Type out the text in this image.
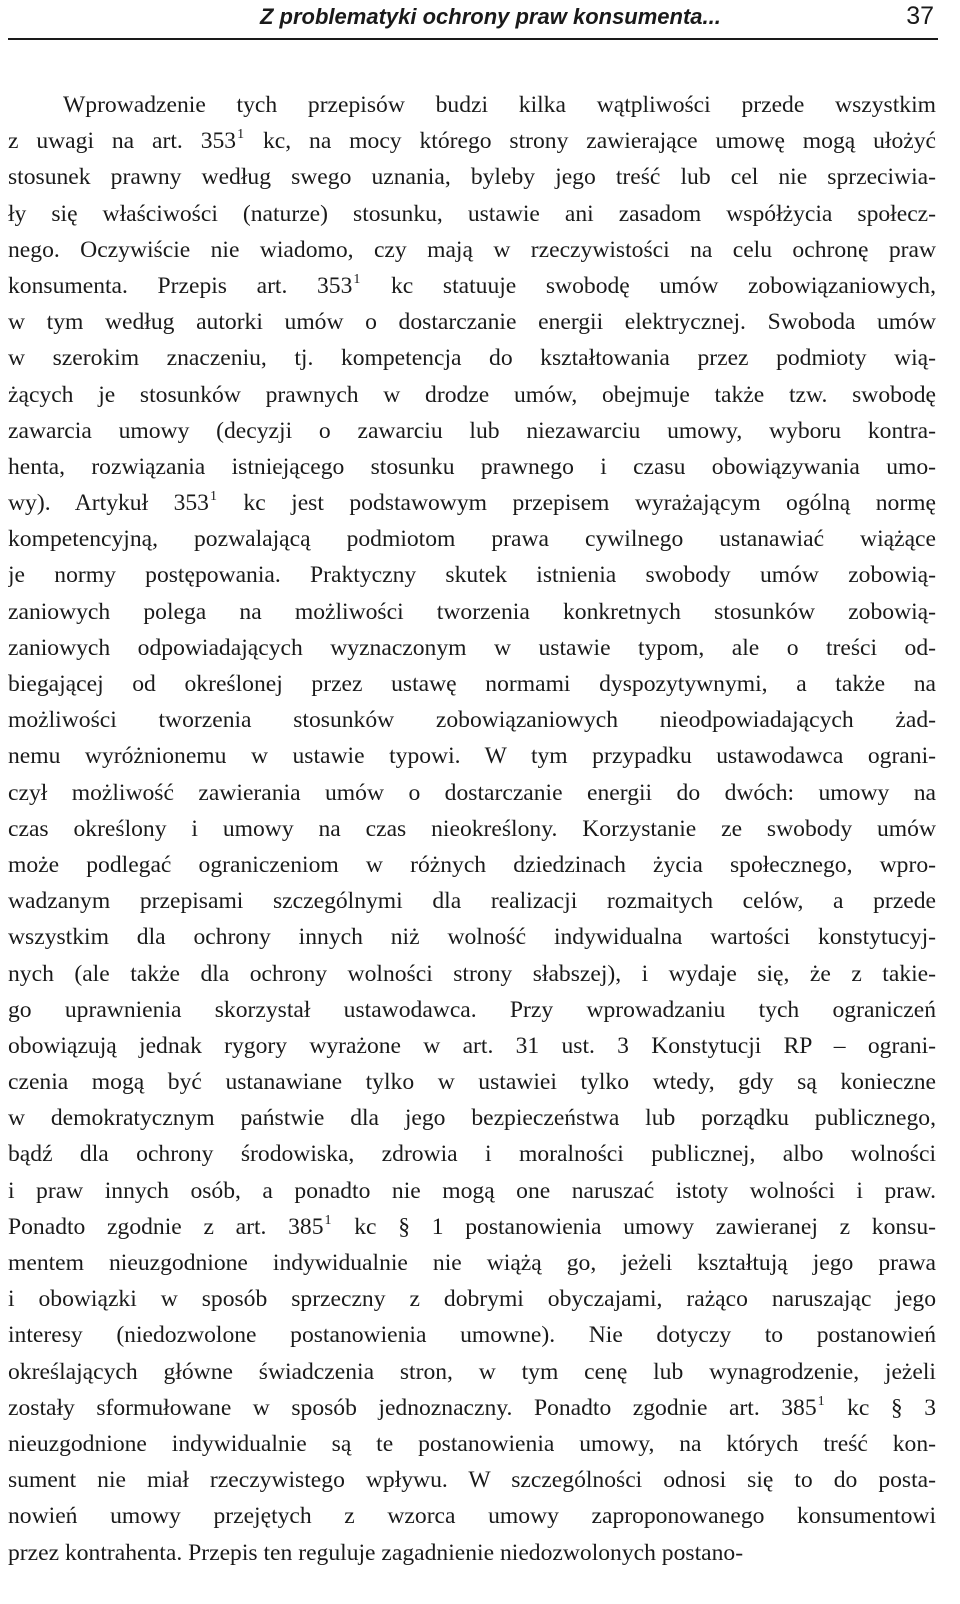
Z problematyki ochrony praw konsumenta...	37
Wprowadzenie tych przepisów budzi kilka wątpliwości przede wszystkim
z uwagi na art. $353^1$ kc, na mocy którego strony zawierające umowę mogą ułożyć
stosunek prawny według swego uznania, byleby jego treść lub cel nie sprzeciwia-
ły się właściwości (naturze) stosunku, ustawie ani zasadom współżycia społecz-
nego. Oczywiście nie wiadomo, czy mają w rzeczywistości na celu ochronę praw
konsumenta. Przepis art. $353^1$ kc statuuje swobodę umów zobowiązaniowych,
w tym według autorki umów o dostarczanie energii elektrycznej. Swoboda umów
w szerokim znaczeniu, tj. kompetencja do kształtowania przez podmioty wią-
żących je stosunków prawnych w drodze umów, obejmuje także tzw. swobodę
zawarcia umowy (decyzji o zawarciu lub niezawarciu umowy, wyboru kontra-
henta, rozwiązania istniejącego stosunku prawnego i czasu obowiązywania umo-
wy). Artykuł $353^1$ kc jest podstawowym przepisem wyrażającym ogólną normę
kompetencyjną, pozwalającą podmiotom prawa cywilnego ustanawiać wiążące
je normy postępowania. Praktyczny skutek istnienia swobody umów zobowią-
zaniowych polega na możliwości tworzenia konkretnych stosunków zobowią-
zaniowych odpowiadających wyznaczonym w ustawie typom, ale o treści od-
biegającej od określonej przez ustawę normami dyspozytywnymi, a także na
możliwości tworzenia stosunków zobowiązaniowych nieodpowiadających żad-
nemu wyróżnionemu w ustawie typowi. W tym przypadku ustawodawca ograni-
czył możliwość zawierania umów o dostarczanie energii do dwóch: umowy na
czas określony i umowy na czas nieokreślony. Korzystanie ze swobody umów
może podlegać ograniczeniom w różnych dziedzinach życia społecznego, wpro-
wadzanym przepisami szczególnymi dla realizacji rozmaitych celów, a przede
wszystkim dla ochrony innych niż wolność indywidualna wartości konstytucyj-
nych (ale także dla ochrony wolności strony słabszej), i wydaje się, że z takie-
go uprawnienia skorzystał ustawodawca. Przy wprowadzaniu tych ograniczeń
obowiązują jednak rygory wyrażone w art. 31 ust. 3 Konstytucji RP – ograni-
czenia mogą być ustanawiane tylko w ustawiei tylko wtedy, gdy są konieczne
w demokratycznym państwie dla jego bezpieczeństwa lub porządku publicznego,
bądź dla ochrony środowiska, zdrowia i moralności publicznej, albo wolności
i praw innych osób, a ponadto nie mogą one naruszać istoty wolności i praw.
Ponadto zgodnie z art. $385^1$ kc § 1 postanowienia umowy zawieranej z konsu-
mentem nieuzgodnione indywidualnie nie wiążą go, jeżeli kształtują jego prawa
i obowiązki w sposób sprzeczny z dobrymi obyczajami, rażąco naruszając jego
interesy (niedozwolone postanowienia umowne). Nie dotyczy to postanowień
określających główne świadczenia stron, w tym cenę lub wynagrodzenie, jeżeli
zostały sformułowane w sposób jednoznaczny. Ponadto zgodnie art. $385^1$ kc § 3
nieuzgodnione indywidualnie są te postanowienia umowy, na których treść kon-
sument nie miał rzeczywistego wpływu. W szczególności odnosi się to do posta-
nowień umowy przejętych z wzorca umowy zaproponowanego konsumentowi
przez kontrahenta. Przepis ten reguluje zagadnienie niedozwolonych postano-
